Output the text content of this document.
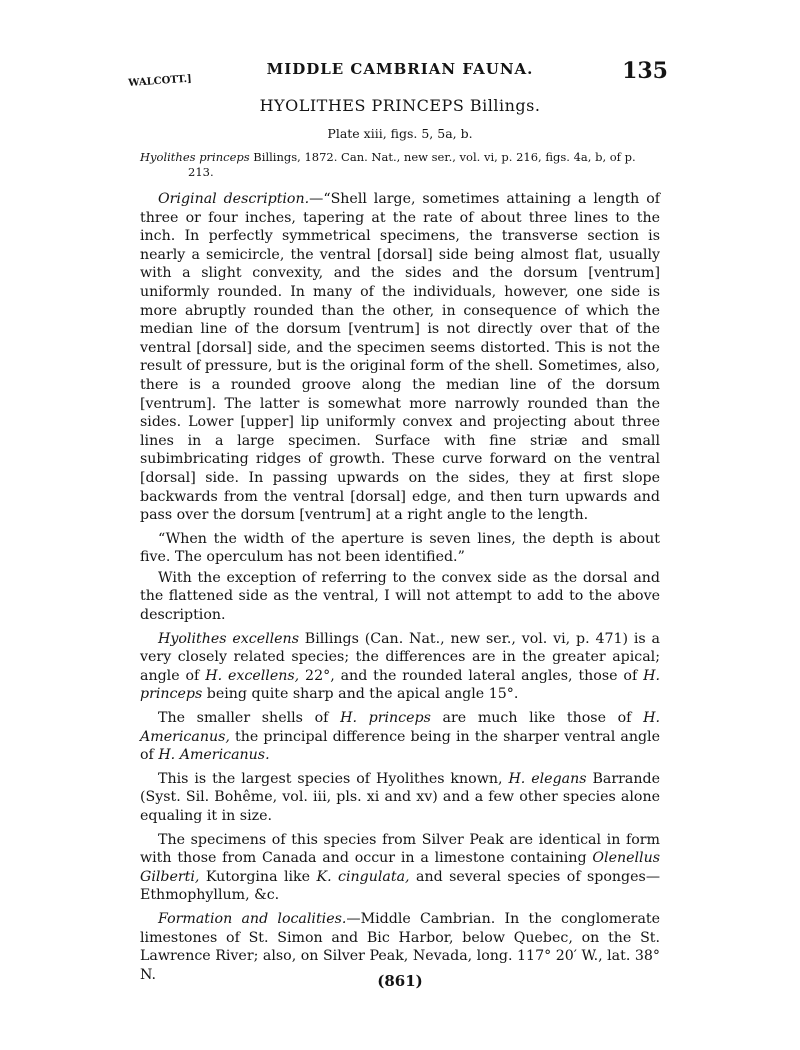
WALCOTT.]
MIDDLE CAMBRIAN FAUNA.	135
HYOLITHES PRINCEPS Billings.
Plate xiii, figs. 5, 5a, b.
Hyolithes princeps Billings, 1872. Can. Nat., new ser., vol. vi, p. 216, figs. 4a, b, of p.
213.

Original description.—“Shell large, sometimes attaining a length of three or four inches, tapering at the rate of about three lines to the inch. In perfectly symmetrical specimens, the transverse section is nearly a semicircle, the ventral [dorsal] side being almost flat, usually with a slight convexity, and the sides and the dorsum [ventrum] uniformly rounded. In many of the individuals, however, one side is more abruptly rounded than the other, in consequence of which the median line of the dorsum [ventrum] is not directly over that of the ventral [dorsal] side, and the specimen seems distorted. This is not the result of pressure, but is the original form of the shell. Sometimes, also, there is a rounded groove along the median line of the dorsum [ventrum]. The latter is somewhat more narrowly rounded than the sides. Lower [upper] lip uniformly convex and projecting about three lines in a large specimen. Surface with fine striæ and small subimbricating ridges of growth. These curve forward on the ventral [dorsal] side. In passing upwards on the sides, they at first slope backwards from the ventral [dorsal] edge, and then turn upwards and pass over the dorsum [ventrum] at a right angle to the length.

“When the width of the aperture is seven lines, the depth is about five. The operculum has not been identified.”

With the exception of referring to the convex side as the dorsal and the flattened side as the ventral, I will not attempt to add to the above description.

Hyolithes excellens Billings (Can. Nat., new ser., vol. vi, p. 471) is a very closely related species; the differences are in the greater apical; angle of H. excellens, 22°, and the rounded lateral angles, those of H. princeps being quite sharp and the apical angle 15°.

The smaller shells of H. princeps are much like those of H. Americanus, the principal difference being in the sharper ventral angle of H. Americanus.

This is the largest species of Hyolithes known, H. elegans Barrande (Syst. Sil. Bohême, vol. iii, pls. xi and xv) and a few other species alone equaling it in size.

The specimens of this species from Silver Peak are identical in form with those from Canada and occur in a limestone containing Olenellus Gilberti, Kutorgina like K. cingulata, and several species of sponges—Ethmophyllum, &c.

Formation and localities.—Middle Cambrian. In the conglomerate limestones of St. Simon and Bic Harbor, below Quebec, on the St. Lawrence River; also, on Silver Peak, Nevada, long. 117° 20′ W., lat. 38° N.	(861)
